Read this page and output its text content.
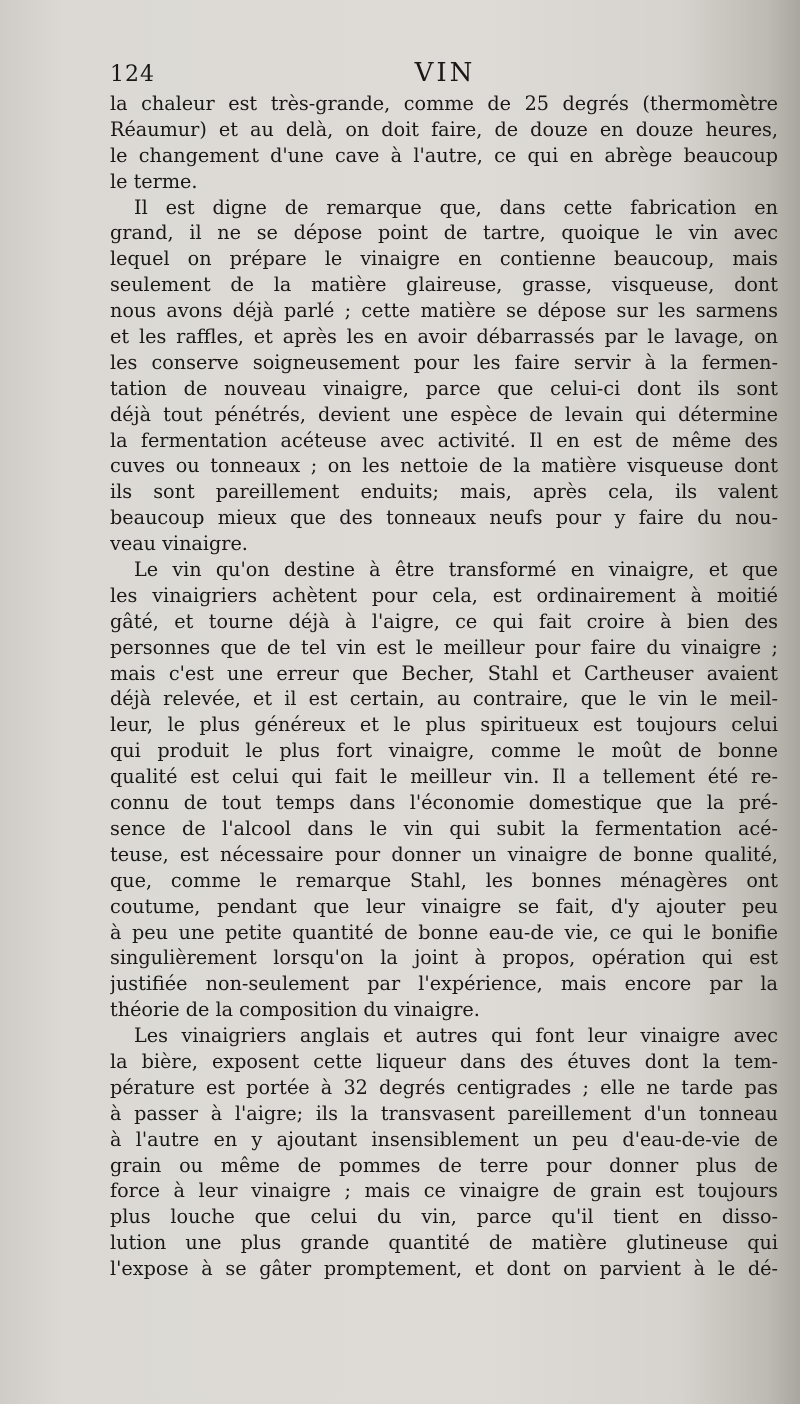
124	VIN
la chaleur est très-grande, comme de 25 degrés (thermomètre
Réaumur) et au delà, on doit faire, de douze en douze heures,
le changement d'une cave à l'autre, ce qui en abrège beaucoup
le terme.
Il est digne de remarque que, dans cette fabrication en
grand, il ne se dépose point de tartre, quoique le vin avec
lequel on prépare le vinaigre en contienne beaucoup, mais
seulement de la matière glaireuse, grasse, visqueuse, dont
nous avons déjà parlé ; cette matière se dépose sur les sarmens
et les raffles, et après les en avoir débarrassés par le lavage, on
les conserve soigneusement pour les faire servir à la fermen-
tation de nouveau vinaigre, parce que celui-ci dont ils sont
déjà tout pénétrés, devient une espèce de levain qui détermine
la fermentation acéteuse avec activité. Il en est de même des
cuves ou tonneaux ; on les nettoie de la matière visqueuse dont
ils sont pareillement enduits; mais, après cela, ils valent
beaucoup mieux que des tonneaux neufs pour y faire du nou-
veau vinaigre.
Le vin qu'on destine à être transformé en vinaigre, et que
les vinaigriers achètent pour cela, est ordinairement à moitié
gâté, et tourne déjà à l'aigre, ce qui fait croire à bien des
personnes que de tel vin est le meilleur pour faire du vinaigre ;
mais c'est une erreur que Becher, Stahl et Cartheuser avaient
déjà relevée, et il est certain, au contraire, que le vin le meil-
leur, le plus généreux et le plus spiritueux est toujours celui
qui produit le plus fort vinaigre, comme le moût de bonne
qualité est celui qui fait le meilleur vin. Il a tellement été re-
connu de tout temps dans l'économie domestique que la pré-
sence de l'alcool dans le vin qui subit la fermentation acé-
teuse, est nécessaire pour donner un vinaigre de bonne qualité,
que, comme le remarque Stahl, les bonnes ménagères ont
coutume, pendant que leur vinaigre se fait, d'y ajouter peu
à peu une petite quantité de bonne eau-de vie, ce qui le bonifie
singulièrement lorsqu'on la joint à propos, opération qui est
justifiée non-seulement par l'expérience, mais encore par la
théorie de la composition du vinaigre.
Les vinaigriers anglais et autres qui font leur vinaigre avec
la bière, exposent cette liqueur dans des étuves dont la tem-
pérature est portée à 32 degrés centigrades ; elle ne tarde pas
à passer à l'aigre; ils la transvasent pareillement d'un tonneau
à l'autre en y ajoutant insensiblement un peu d'eau-de-vie de
grain ou même de pommes de terre pour donner plus de
force à leur vinaigre ; mais ce vinaigre de grain est toujours
plus louche que celui du vin, parce qu'il tient en disso-
lution une plus grande quantité de matière glutineuse qui
l'expose à se gâter promptement, et dont on parvient à le dé-
